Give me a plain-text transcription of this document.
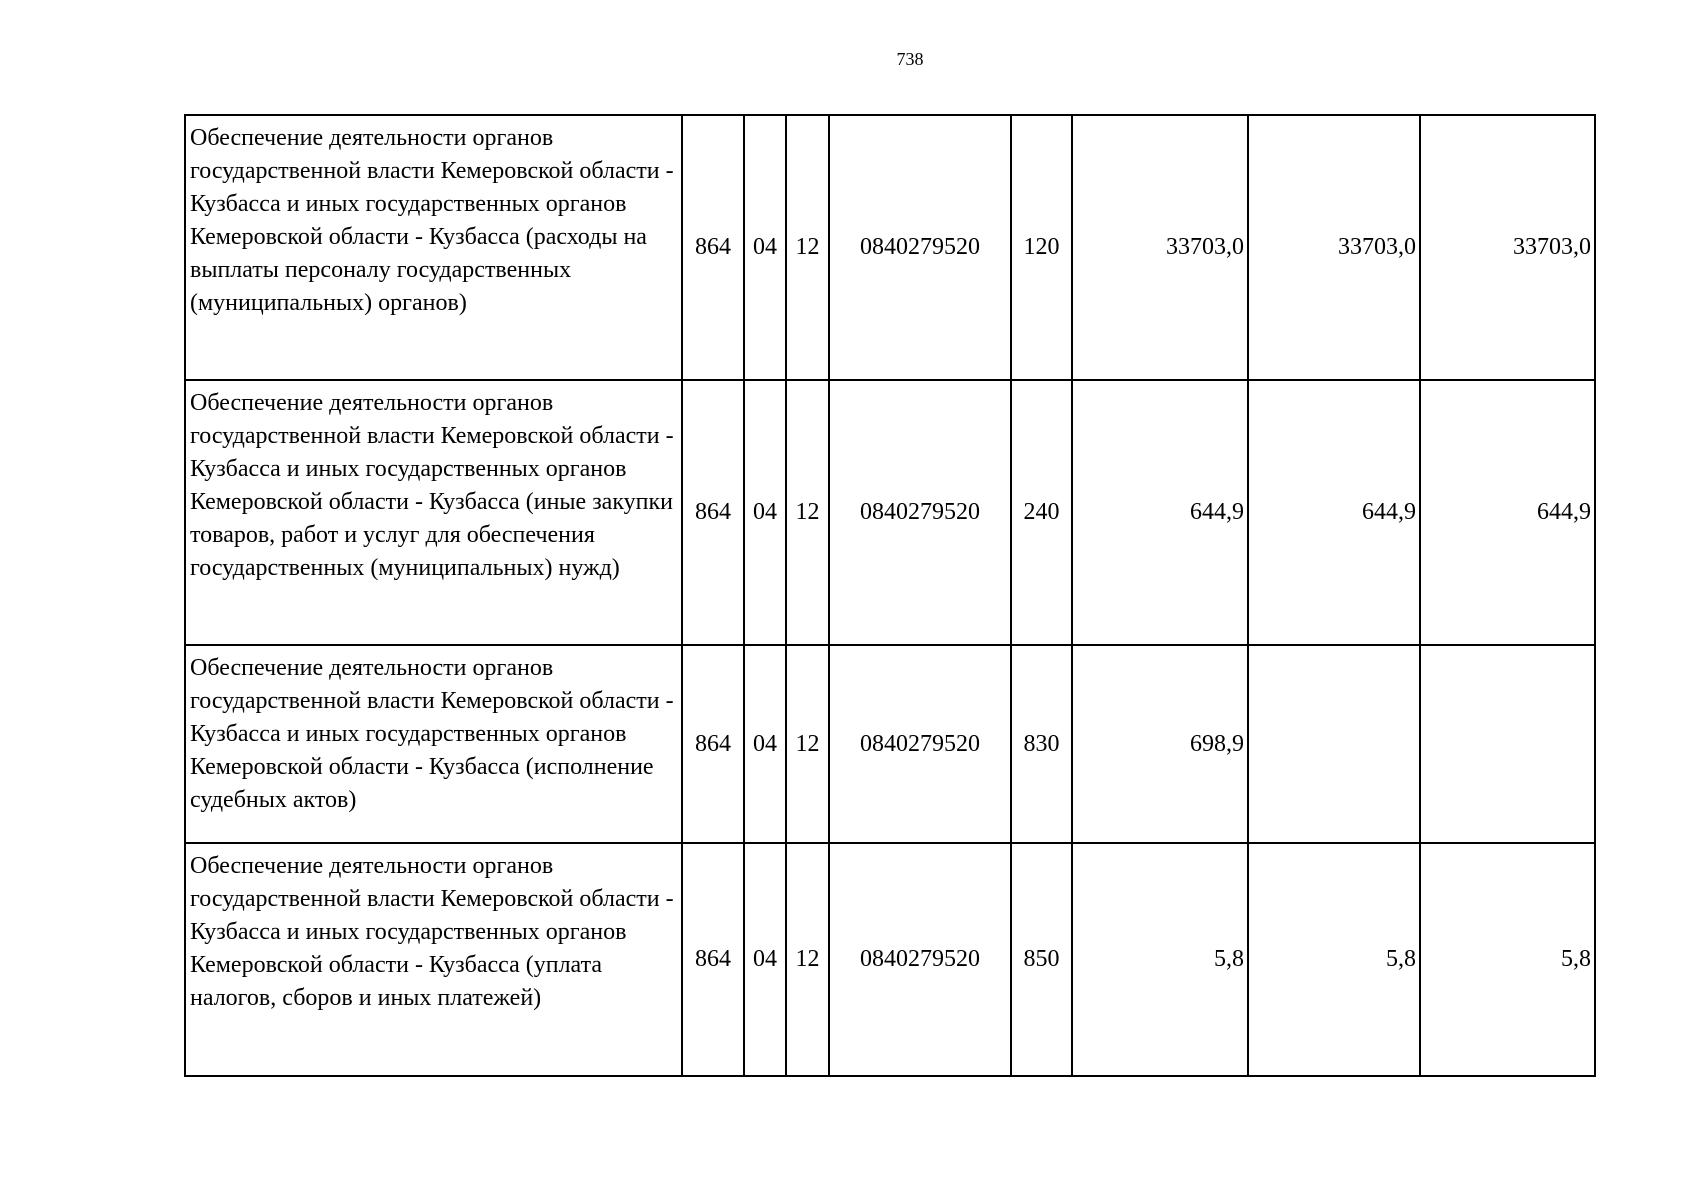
738
Обеспечение деятельности органов государственной власти Кемеровской области - Кузбасса и иных государственных органов Кемеровской области - Кузбасса (расходы на выплаты персоналу государственных (муниципальных) органов)	864	04	12	0840279520	120	33703,0	33703,0	33703,0
Обеспечение деятельности органов государственной власти Кемеровской области - Кузбасса и иных государственных органов Кемеровской области - Кузбасса (иные закупки товаров, работ и услуг для обеспечения государственных (муниципальных) нужд)	864	04	12	0840279520	240	644,9	644,9	644,9
Обеспечение деятельности органов государственной власти Кемеровской области - Кузбасса и иных государственных органов Кемеровской области - Кузбасса (исполнение судебных актов)	864	04	12	0840279520	830	698,9		
Обеспечение деятельности органов государственной власти Кемеровской области - Кузбасса и иных государственных органов Кемеровской области - Кузбасса (уплата налогов, сборов и иных платежей)	864	04	12	0840279520	850	5,8	5,8	5,8
